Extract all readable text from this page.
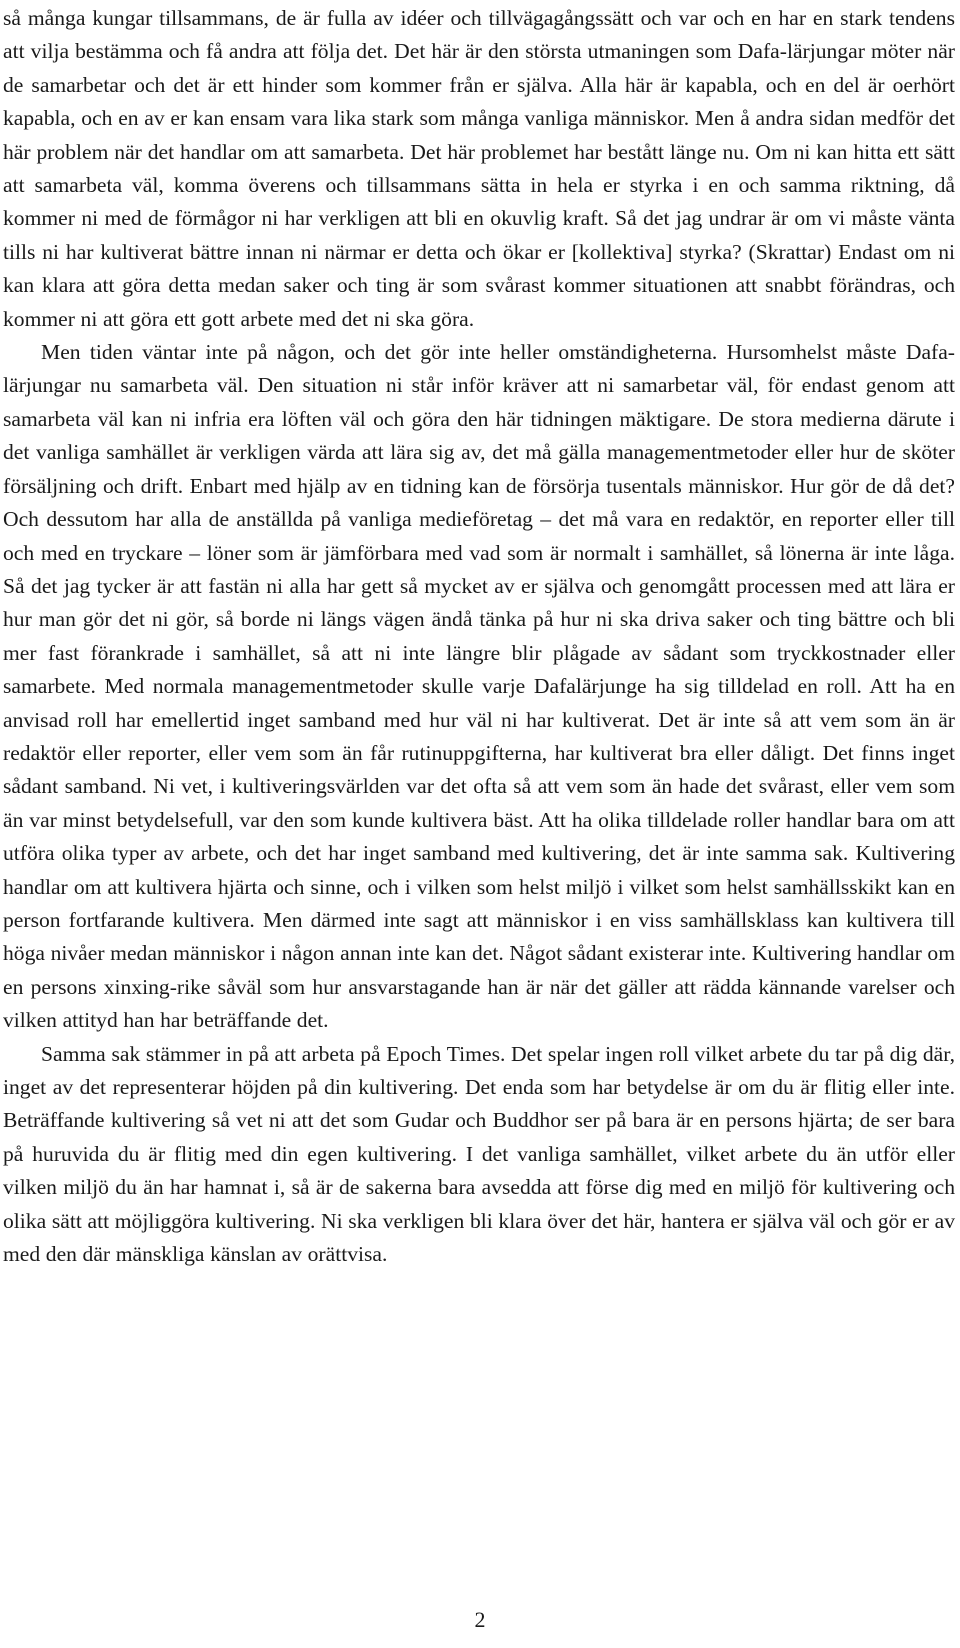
så många kungar tillsammans, de är fulla av idéer och tillvägagångssätt och var och en har en stark tendens att vilja bestämma och få andra att följa det. Det här är den största utmaningen som Dafa-lärjungar möter när de samarbetar och det är ett hinder som kommer från er själva. Alla här är kapabla, och en del är oerhört kapabla, och en av er kan ensam vara lika stark som många vanliga människor. Men å andra sidan medför det här problem när det handlar om att samarbeta. Det här problemet har bestått länge nu. Om ni kan hitta ett sätt att samarbeta väl, komma överens och tillsammans sätta in hela er styrka i en och samma riktning, då kommer ni med de förmågor ni har verkligen att bli en okuvlig kraft. Så det jag undrar är om vi måste vänta tills ni har kultiverat bättre innan ni närmar er detta och ökar er [kollektiva] styrka? (Skrattar) Endast om ni kan klara att göra detta medan saker och ting är som svårast kommer situationen att snabbt förändras, och kommer ni att göra ett gott arbete med det ni ska göra.

Men tiden väntar inte på någon, och det gör inte heller omständigheterna. Hursomhelst måste Dafa-lärjungar nu samarbeta väl. Den situation ni står inför kräver att ni samarbetar väl, för endast genom att samarbeta väl kan ni infria era löften väl och göra den här tidningen mäktigare. De stora medierna därute i det vanliga samhället är verkligen värda att lära sig av, det må gälla managementmetoder eller hur de sköter försäljning och drift. Enbart med hjälp av en tidning kan de försörja tusentals människor. Hur gör de då det? Och dessutom har alla de anställda på vanliga medieföretag – det må vara en redaktör, en reporter eller till och med en tryckare – löner som är jämförbara med vad som är normalt i samhället, så lönerna är inte låga. Så det jag tycker är att fastän ni alla har gett så mycket av er själva och genomgått processen med att lära er hur man gör det ni gör, så borde ni längs vägen ändå tänka på hur ni ska driva saker och ting bättre och bli mer fast förankrade i samhället, så att ni inte längre blir plågade av sådant som tryckkostnader eller samarbete. Med normala managementmetoder skulle varje Dafalärjunge ha sig tilldelad en roll. Att ha en anvisad roll har emellertid inget samband med hur väl ni har kultiverat. Det är inte så att vem som än är redaktör eller reporter, eller vem som än får rutinuppgifterna, har kultiverat bra eller dåligt. Det finns inget sådant samband. Ni vet, i kultiveringsvärlden var det ofta så att vem som än hade det svårast, eller vem som än var minst betydelsefull, var den som kunde kultivera bäst. Att ha olika tilldelade roller handlar bara om att utföra olika typer av arbete, och det har inget samband med kultivering, det är inte samma sak. Kultivering handlar om att kultivera hjärta och sinne, och i vilken som helst miljö i vilket som helst samhällsskikt kan en person fortfarande kultivera. Men därmed inte sagt att människor i en viss samhällsklass kan kultivera till höga nivåer medan människor i någon annan inte kan det. Något sådant existerar inte. Kultivering handlar om en persons xinxing-rike såväl som hur ansvarstagande han är när det gäller att rädda kännande varelser och vilken attityd han har beträffande det.

Samma sak stämmer in på att arbeta på Epoch Times. Det spelar ingen roll vilket arbete du tar på dig där, inget av det representerar höjden på din kultivering. Det enda som har betydelse är om du är flitig eller inte. Beträffande kultivering så vet ni att det som Gudar och Buddhor ser på bara är en persons hjärta; de ser bara på huruvida du är flitig med din egen kultivering. I det vanliga samhället, vilket arbete du än utför eller vilken miljö du än har hamnat i, så är de sakerna bara avsedda att förse dig med en miljö för kultivering och olika sätt att möjliggöra kultivering. Ni ska verkligen bli klara över det här, hantera er själva väl och gör er av med den där mänskliga känslan av orättvisa.

2
